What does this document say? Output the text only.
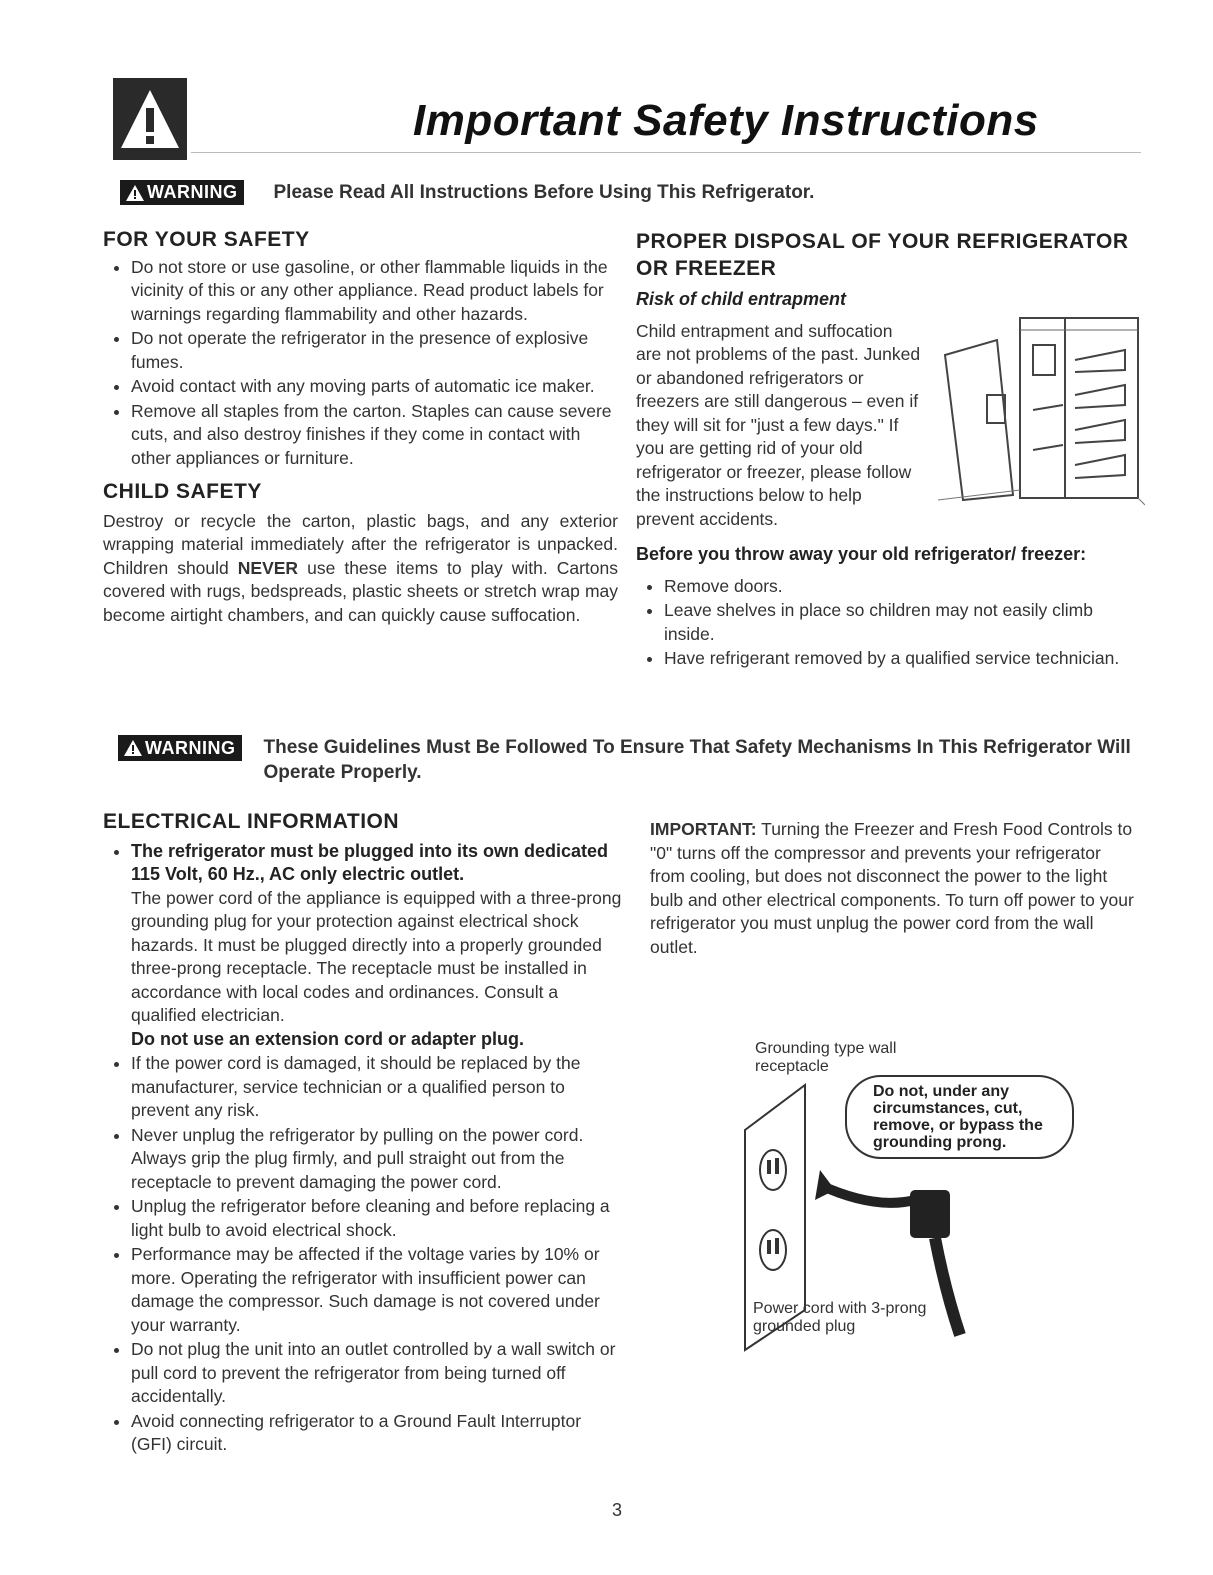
Important Safety Instructions
WARNING Please Read All Instructions Before Using This Refrigerator.
FOR YOUR SAFETY
• Do not store or use gasoline, or other flammable liquids in the vicinity of this or any other appliance. Read product labels for warnings regarding flammability and other hazards.
• Do not operate the refrigerator in the presence of explosive fumes.
• Avoid contact with any moving parts of automatic ice maker.
• Remove all staples from the carton. Staples can cause severe cuts, and also destroy finishes if they come in contact with other appliances or furniture.
CHILD SAFETY

Destroy or recycle the carton, plastic bags, and any exterior wrapping material immediately after the refrigerator is unpacked. Children should NEVER use these items to play with. Cartons covered with rugs, bedspreads, plastic sheets or stretch wrap may become airtight chambers, and can quickly cause suffocation.

PROPER DISPOSAL OF YOUR REFRIGERATOR OR FREEZER
Risk of child entrapment

Child entrapment and suffocation are not problems of the past. Junked or abandoned refrigerators or freezers are still dangerous – even if they will sit for "just a few days." If you are getting rid of your old refrigerator or freezer, please follow the instructions below to help prevent accidents.

Before you throw away your old refrigerator/ freezer:
• Remove doors.
• Leave shelves in place so children may not easily climb inside.
• Have refrigerant removed by a qualified service technician.
WARNING These Guidelines Must Be Followed To Ensure That Safety Mechanisms In This Refrigerator Will Operate Properly.
ELECTRICAL INFORMATION
• The refrigerator must be plugged into its own dedicated 115 Volt, 60 Hz., AC only electric outlet.
The power cord of the appliance is equipped with a three-prong grounding plug for your protection against electrical shock hazards. It must be plugged directly into a properly grounded three-prong receptacle. The receptacle must be installed in accordance with local codes and ordinances. Consult a qualified electrician.
Do not use an extension cord or adapter plug.
• If the power cord is damaged, it should be replaced by the manufacturer, service technician or a qualified person to prevent any risk.
• Never unplug the refrigerator by pulling on the power cord. Always grip the plug firmly, and pull straight out from the receptacle to prevent damaging the power cord.
• Unplug the refrigerator before cleaning and before replacing a light bulb to avoid electrical shock.
• Performance may be affected if the voltage varies by 10% or more. Operating the refrigerator with insufficient power can damage the compressor. Such damage is not covered under your warranty.
• Do not plug the unit into an outlet controlled by a wall switch or pull cord to prevent the refrigerator from being turned off accidentally.
• Avoid connecting refrigerator to a Ground Fault Interruptor (GFI) circuit.
IMPORTANT: Turning the Freezer and Fresh Food Controls to "0" turns off the compressor and prevents your refrigerator from cooling, but does not disconnect the power to the light bulb and other electrical components. To turn off power to your refrigerator you must unplug the power cord from the wall outlet.
Grounding type wall receptacle
Do not, under any circumstances, cut, remove, or bypass the grounding prong.
Power cord with 3-prong grounded plug
3
